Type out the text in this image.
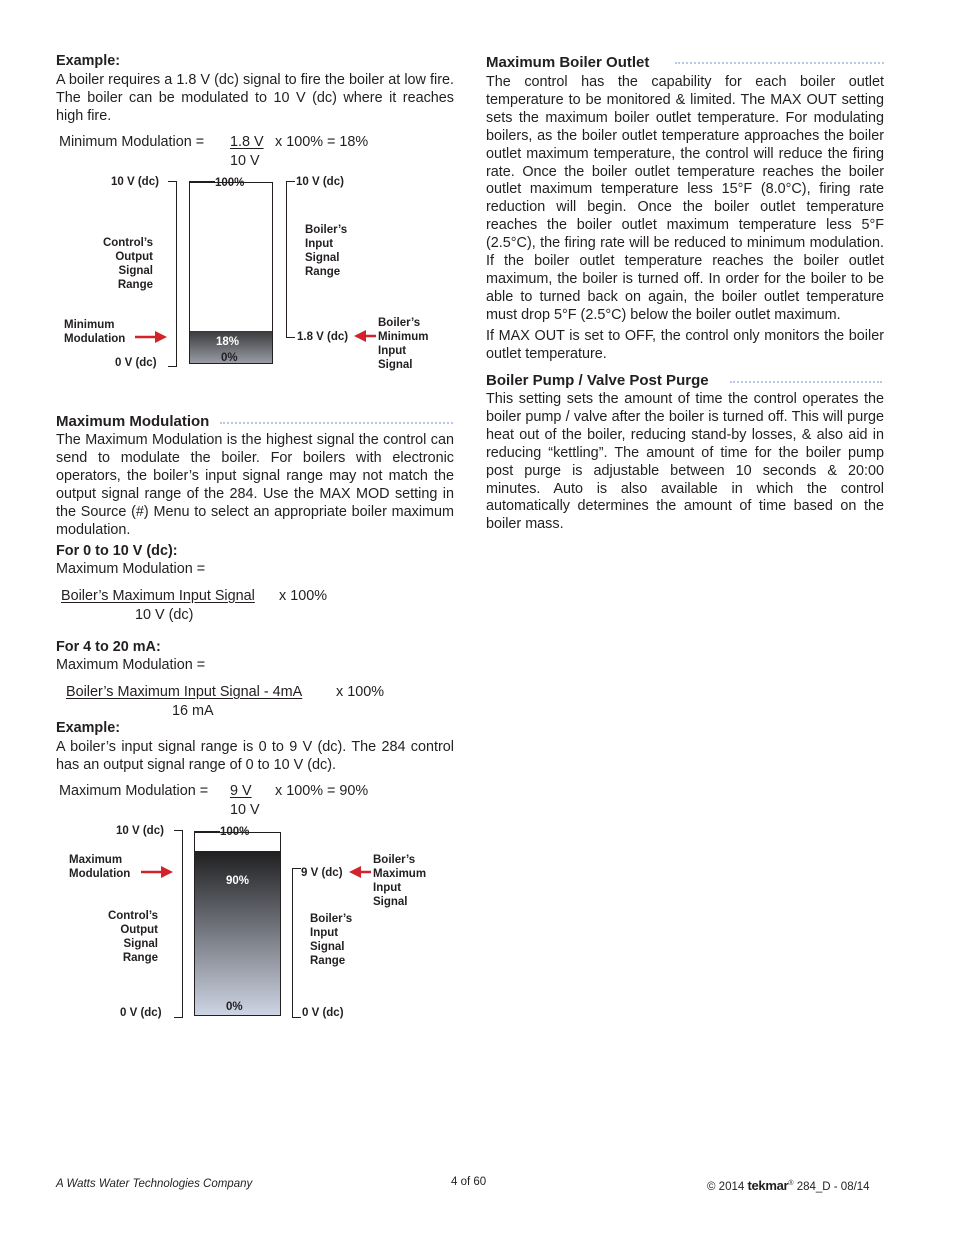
Example:

A boiler requires a 1.8 V (dc) signal to fire the boiler at low fire. The boiler can be modulated to 10 V (dc) where it reaches high fire.

Minimum Modulation = 1.8 V
10 V
x 100% = 18%
10 V (dc)	100%	10 V (dc)
Control’s
Output
Signal
Range
Boiler’s
Input
Signal
Range
Minimum
Modulation	18%
0%
0 V (dc)
1.8 V (dc)
Boiler’s
Minimum
Input
Signal
Maximum Modulation

The Maximum Modulation is the highest signal the control can send to modulate the boiler. For boilers with electronic operators, the boiler’s input signal range may not match the output signal range of the 284. Use the MAX MOD setting in the Source (#) Menu to select an appropriate boiler maximum modulation.

For 0 to 10 V (dc):
Maximum Modulation =
Boiler’s Maximum Input Signal x 100%
10 V (dc)
For 4 to 20 mA:
Maximum Modulation =
Boiler’s Maximum Input Signal - 4mA x 100%
16 mA
Example:

A boiler’s input signal range is 0 to 9 V (dc). The 284 control has an output signal range of 0 to 10 V (dc).

Maximum Modulation = 9 V
10 V
x 100% = 90%
10 V (dc)	100%
Maximum
Modulation
90%
9 V (dc)
Boiler’s
Maximum
Input
Signal
Control’s
Output
Signal
Range
Boiler’s
Input
Signal
Range
0%
0 V (dc)	0 V (dc)
Maximum Boiler Outlet

The control has the capability for each boiler outlet temperature to be monitored & limited. The MAX OUT setting sets the maximum boiler outlet temperature. For modulating boilers, as the boiler outlet temperature approaches the boiler outlet maximum temperature, the control will reduce the firing rate. Once the boiler outlet temperature reaches the boiler outlet maximum temperature less 15°F (8.0°C), firing rate reduction will begin. Once the boiler outlet temperature reaches the boiler outlet maximum temperature less 5°F (2.5°C), the firing rate will be reduced to minimum modulation. If the boiler outlet temperature reaches the boiler outlet maximum, the boiler is turned off. In order for the boiler to be able to turned back on again, the boiler outlet temperature must drop 5°F (2.5°C) below the boiler outlet maximum.

If MAX OUT is set to OFF, the control only monitors the boiler outlet temperature.

Boiler Pump / Valve Post Purge

This setting sets the amount of time the control operates the boiler pump / valve after the boiler is turned off. This will purge heat out of the boiler, reducing stand-by losses, & also aid in reducing “kettling”. The amount of time for the boiler pump post purge is adjustable between 10 seconds & 20:00 minutes. Auto is also available in which the control automatically determines the amount of time based on the boiler mass.

A Watts Water Technologies Company	4 of 60	© 2014 tekmar® 284_D - 08/14
